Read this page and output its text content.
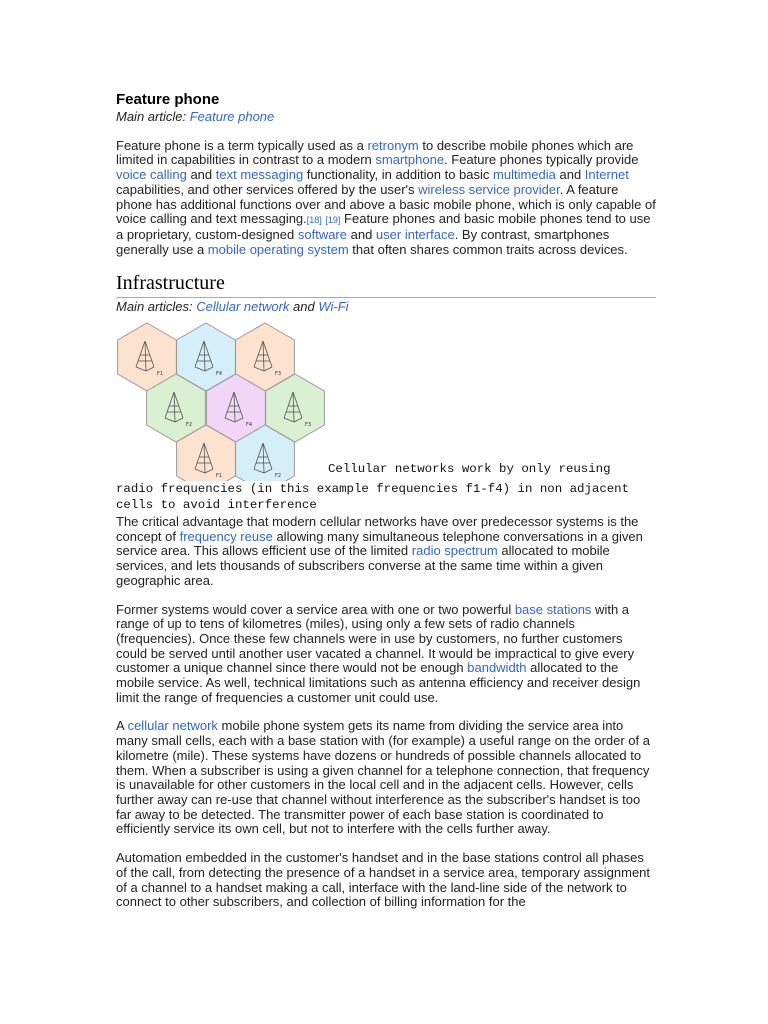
Feature phone
Main article: Feature phone

Feature phone is a term typically used as a retronym to describe mobile phones which are limited in capabilities in contrast to a modern smartphone. Feature phones typically provide voice calling and text messaging functionality, in addition to basic multimedia and Internet capabilities, and other services offered by the user's wireless service provider. A feature phone has additional functions over and above a basic mobile phone, which is only capable of voice calling and text messaging.[18] [19] Feature phones and basic mobile phones tend to use a proprietary, custom-designed software and user interface. By contrast, smartphones generally use a mobile operating system that often shares common traits across devices.

Infrastructure
Main articles: Cellular network and Wi-Fi
F1	F4	F3
F2	F4	F3
F1	F2	Cellular networks work by only reusing
radio frequencies (in this example frequencies f1-f4) in non adjacent cells to avoid interference

The critical advantage that modern cellular networks have over predecessor systems is the concept of frequency reuse allowing many simultaneous telephone conversations in a given service area. This allows efficient use of the limited radio spectrum allocated to mobile services, and lets thousands of subscribers converse at the same time within a given geographic area.

Former systems would cover a service area with one or two powerful base stations with a range of up to tens of kilometres (miles), using only a few sets of radio channels (frequencies). Once these few channels were in use by customers, no further customers could be served until another user vacated a channel. It would be impractical to give every customer a unique channel since there would not be enough bandwidth allocated to the mobile service. As well, technical limitations such as antenna efficiency and receiver design limit the range of frequencies a customer unit could use.

A cellular network mobile phone system gets its name from dividing the service area into many small cells, each with a base station with (for example) a useful range on the order of a kilometre (mile). These systems have dozens or hundreds of possible channels allocated to them. When a subscriber is using a given channel for a telephone connection, that frequency is unavailable for other customers in the local cell and in the adjacent cells. However, cells further away can re-use that channel without interference as the subscriber's handset is too far away to be detected. The transmitter power of each base station is coordinated to efficiently service its own cell, but not to interfere with the cells further away.

Automation embedded in the customer's handset and in the base stations control all phases of the call, from detecting the presence of a handset in a service area, temporary assignment of a channel to a handset making a call, interface with the land-line side of the network to connect to other subscribers, and collection of billing information for the
